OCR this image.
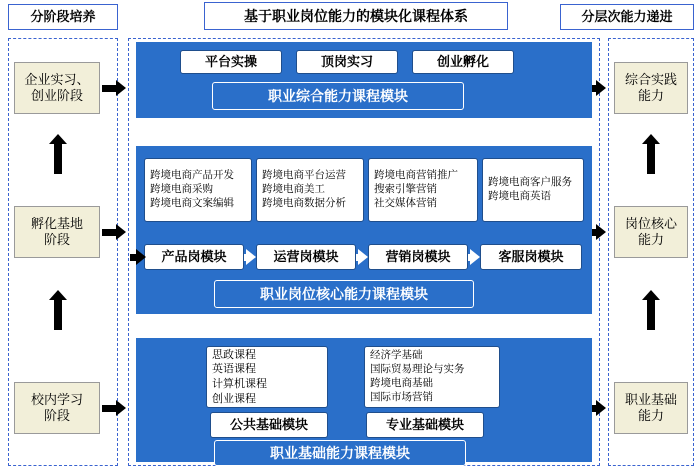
分阶段培养	基于职业岗位能力的模块化课程体系	分层次能力递进
企业实习、
创业阶段
孵化基地
阶段
校内学习
阶段
综合实践
能力
岗位核心
能力
职业基础
能力
平台实操	顶岗实习	创业孵化
职业综合能力课程模块
跨境电商产品开发
跨境电商采购
跨境电商文案编辑
跨境电商平台运营
跨境电商美工
跨境电商数据分析
跨境电商营销推广
搜索引擎营销
社交媒体营销
跨境电商客户服务
跨境电商英语
产品岗模块	运营岗模块	营销岗模块	客服岗模块
职业岗位核心能力课程模块
思政课程
英语课程
计算机课程
创业课程
经济学基础
国际贸易理论与实务
跨境电商基础
国际市场营销
公共基础模块	专业基础模块
职业基础能力课程模块
